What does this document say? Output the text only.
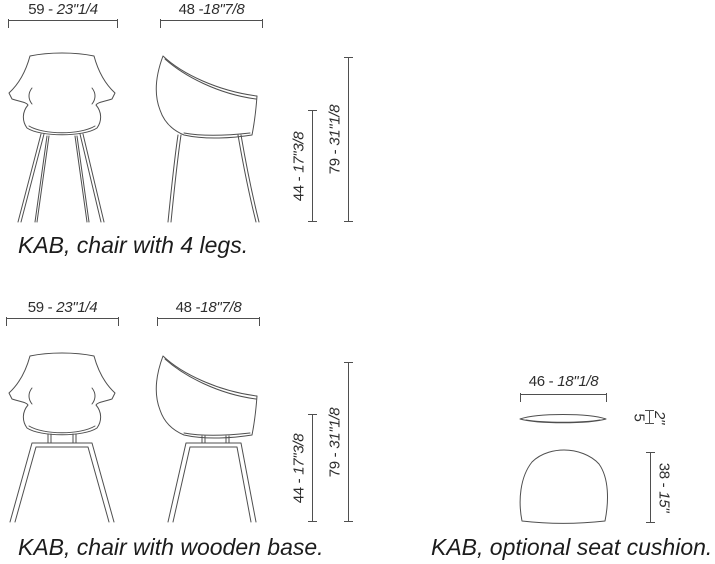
59 - 23"1/4	48 -18"7/8
44 - 17"3/8 79 - 31"1/8
KAB, chair with 4 legs.
59 - 23"1/4	48 -18"7/8
44 - 17"3/8 79 - 31"1/8
KAB, chair with wooden base.
46 - 18"1/8
5 2"
38 - 15"
KAB, optional seat cushion.
